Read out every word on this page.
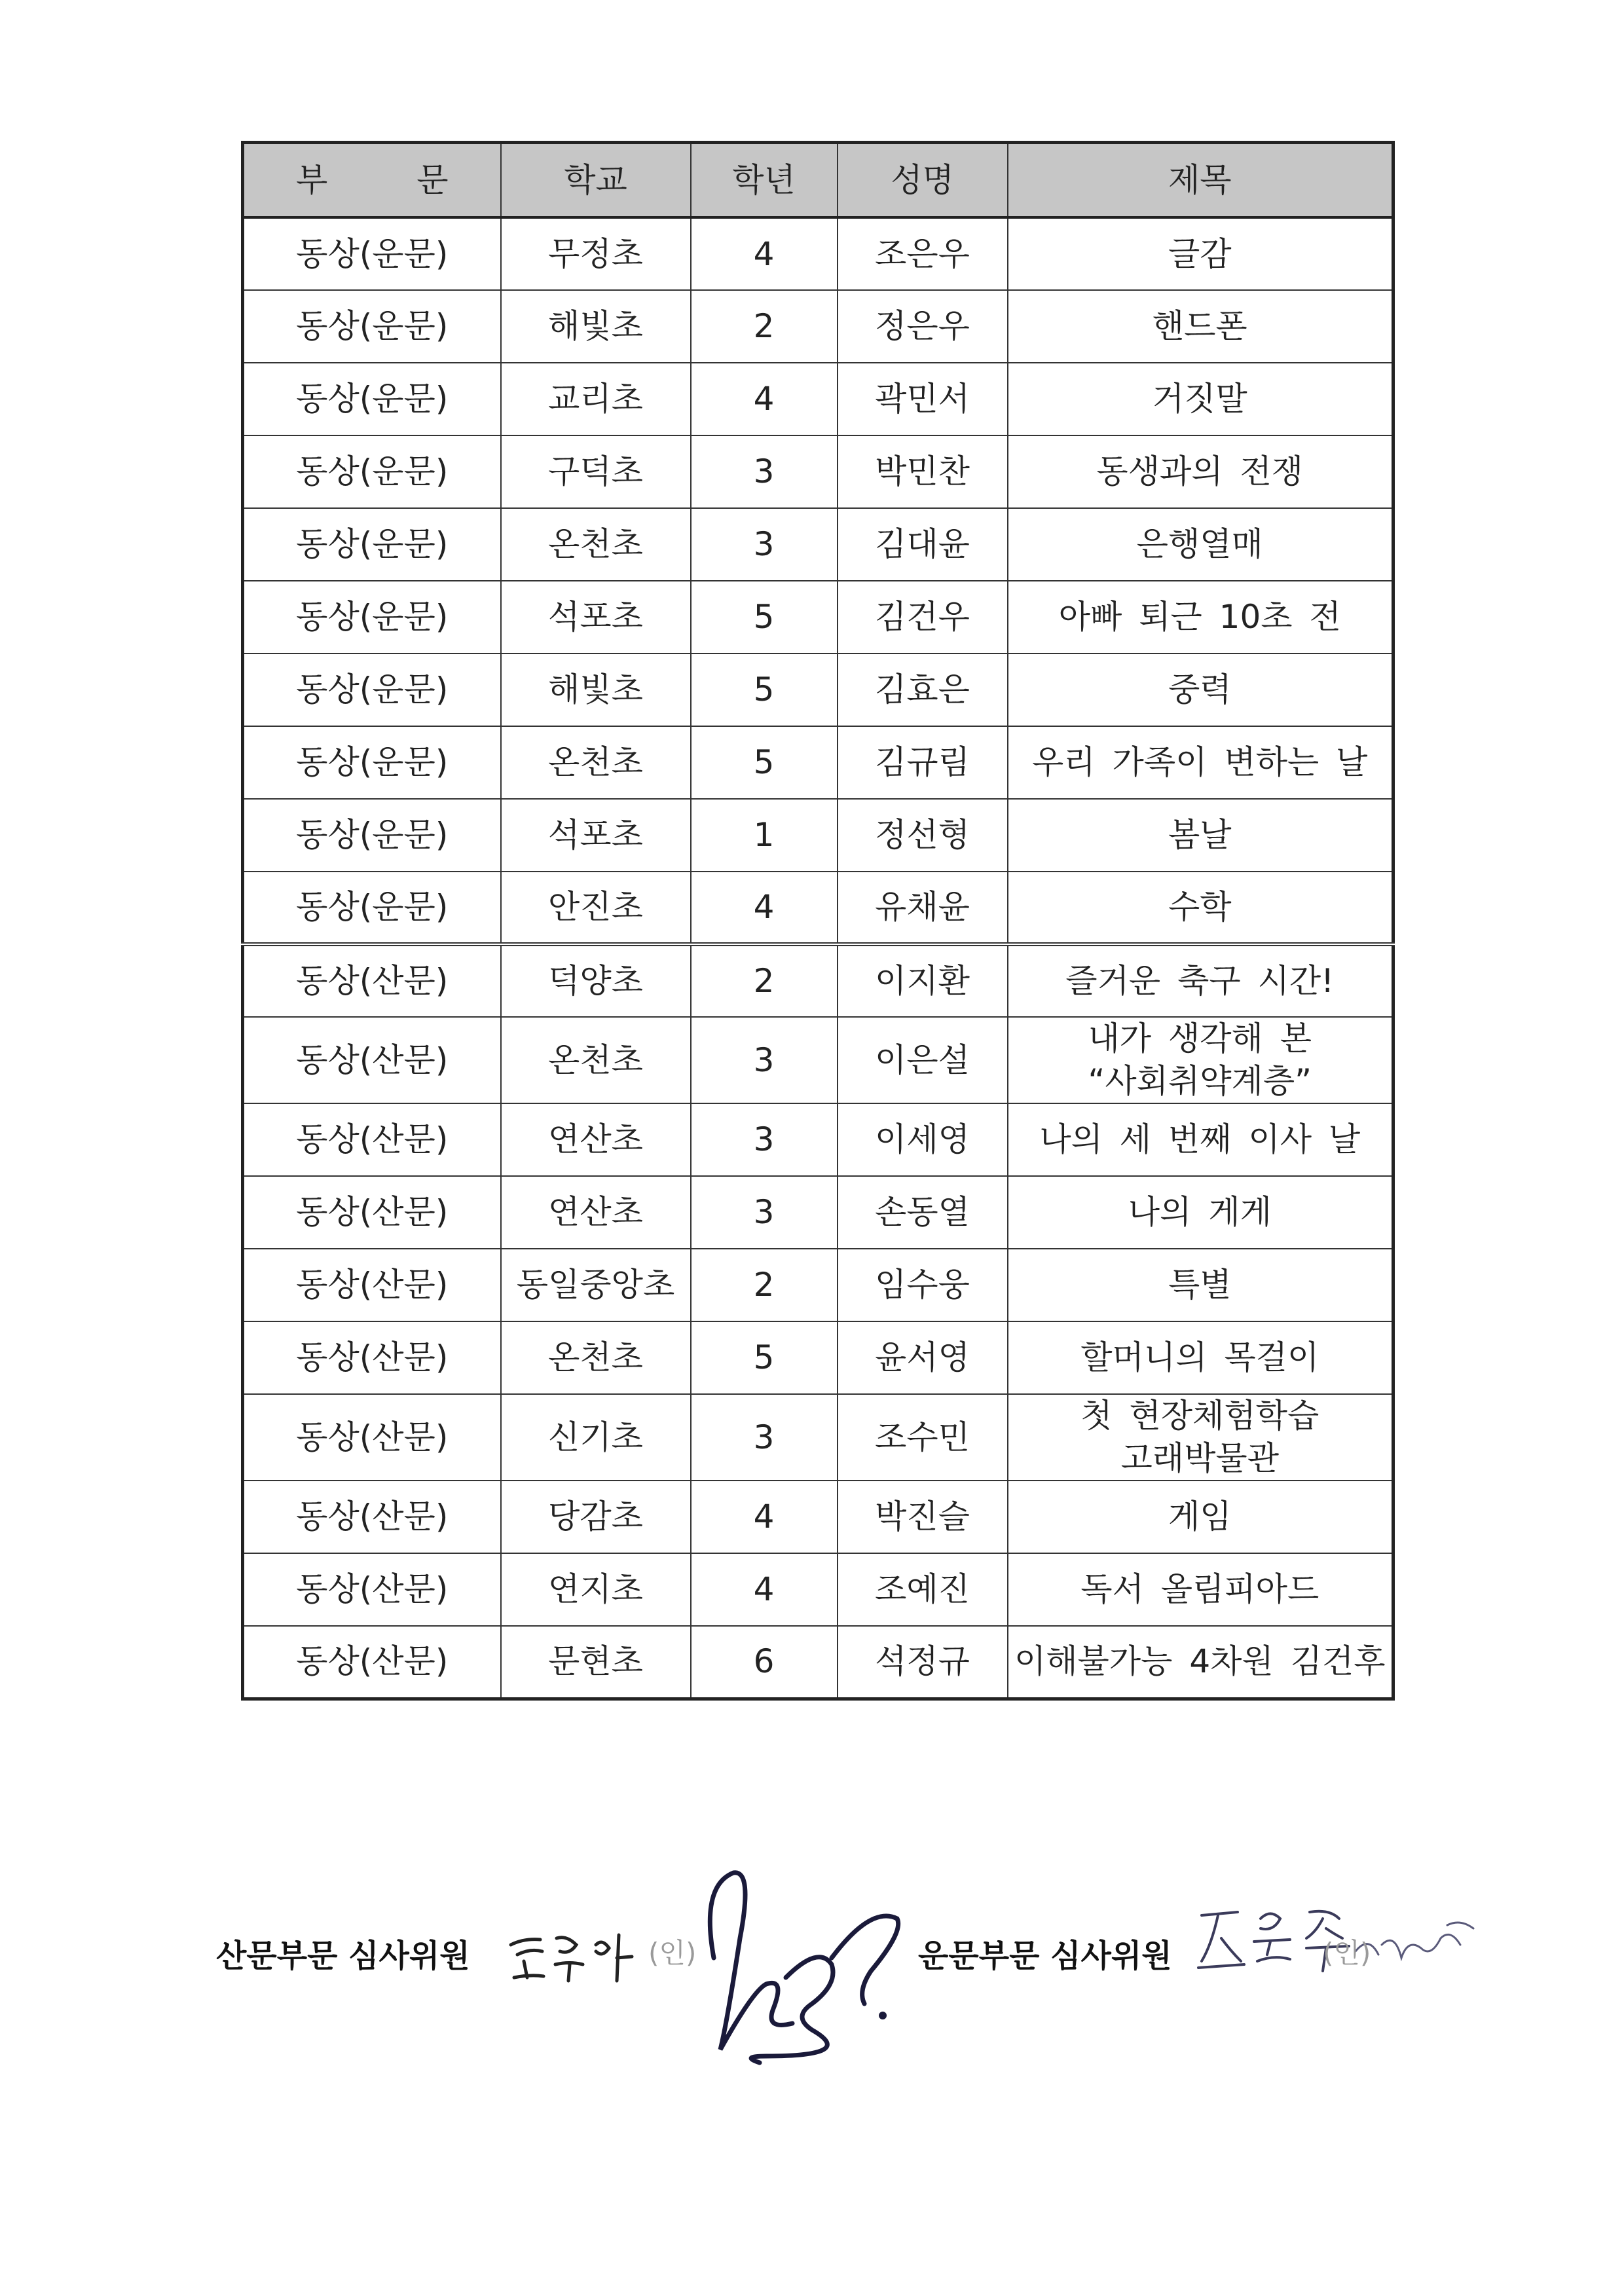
부 문	학교	학년	성명	제목
동상(운문)	무정초	4	조은우	글감
동상(운문)	해빛초	2	정은우	핸드폰
동상(운문)	교리초	4	곽민서	거짓말
동상(운문)	구덕초	3	박민찬	동생과의 전쟁
동상(운문)	온천초	3	김대윤	은행열매
동상(운문)	석포초	5	김건우	아빠 퇴근 10초 전
동상(운문)	해빛초	5	김효은	중력
동상(운문)	온천초	5	김규림	우리 가족이 변하는 날
동상(운문)	석포초	1	정선형	봄날
동상(운문)	안진초	4	유채윤	수학
동상(산문)	덕양초	2	이지환	즐거운 축구 시간!
동상(산문)	온천초	3	이은설	내가 생각해 본
“사회취약계층”
동상(산문)	연산초	3	이세영	나의 세 번째 이사 날
동상(산문)	연산초	3	손동열	나의 게게
동상(산문)	동일중앙초	2	임수웅	특별
동상(산문)	온천초	5	윤서영	할머니의 목걸이
동상(산문)	신기초	3	조수민	첫 현장체험학습
고래박물관
동상(산문)	당감초	4	박진슬	게임
동상(산문)	연지초	4	조예진	독서 올림피아드
동상(산문)	문현초	6	석정규	이해불가능 4차원 김건후
산문부문 심사위원	(인)	운문부문 심사위원	(인)
